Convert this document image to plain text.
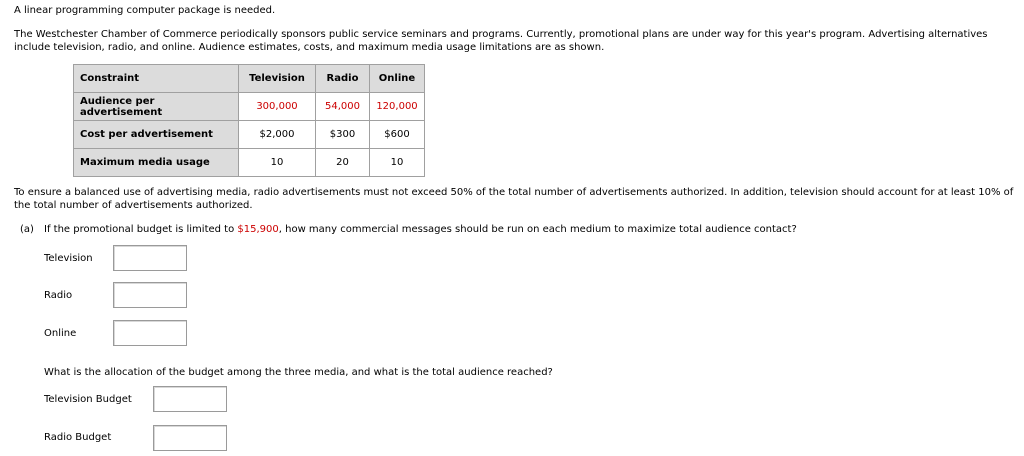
A linear programming computer package is needed.
The Westchester Chamber of Commerce periodically sponsors public service seminars and programs. Currently, promotional plans are under way for this year's program. Advertising alternatives include television, radio, and online. Audience estimates, costs, and maximum media usage limitations are as shown.
Constraint	Television	Radio	Online
Audience per advertisement	300,000	54,000	120,000
Cost per advertisement	$2,000	$300	$600
Maximum media usage	10	20	10
To ensure a balanced use of advertising media, radio advertisements must not exceed 50% of the total number of advertisements authorized. In addition, television should account for at least 10% of the total number of advertisements authorized.
(a) If the promotional budget is limited to $15,900, how many commercial messages should be run on each medium to maximize total audience contact?
Television
Radio
Online
What is the allocation of the budget among the three media, and what is the total audience reached?
Television Budget
Radio Budget
